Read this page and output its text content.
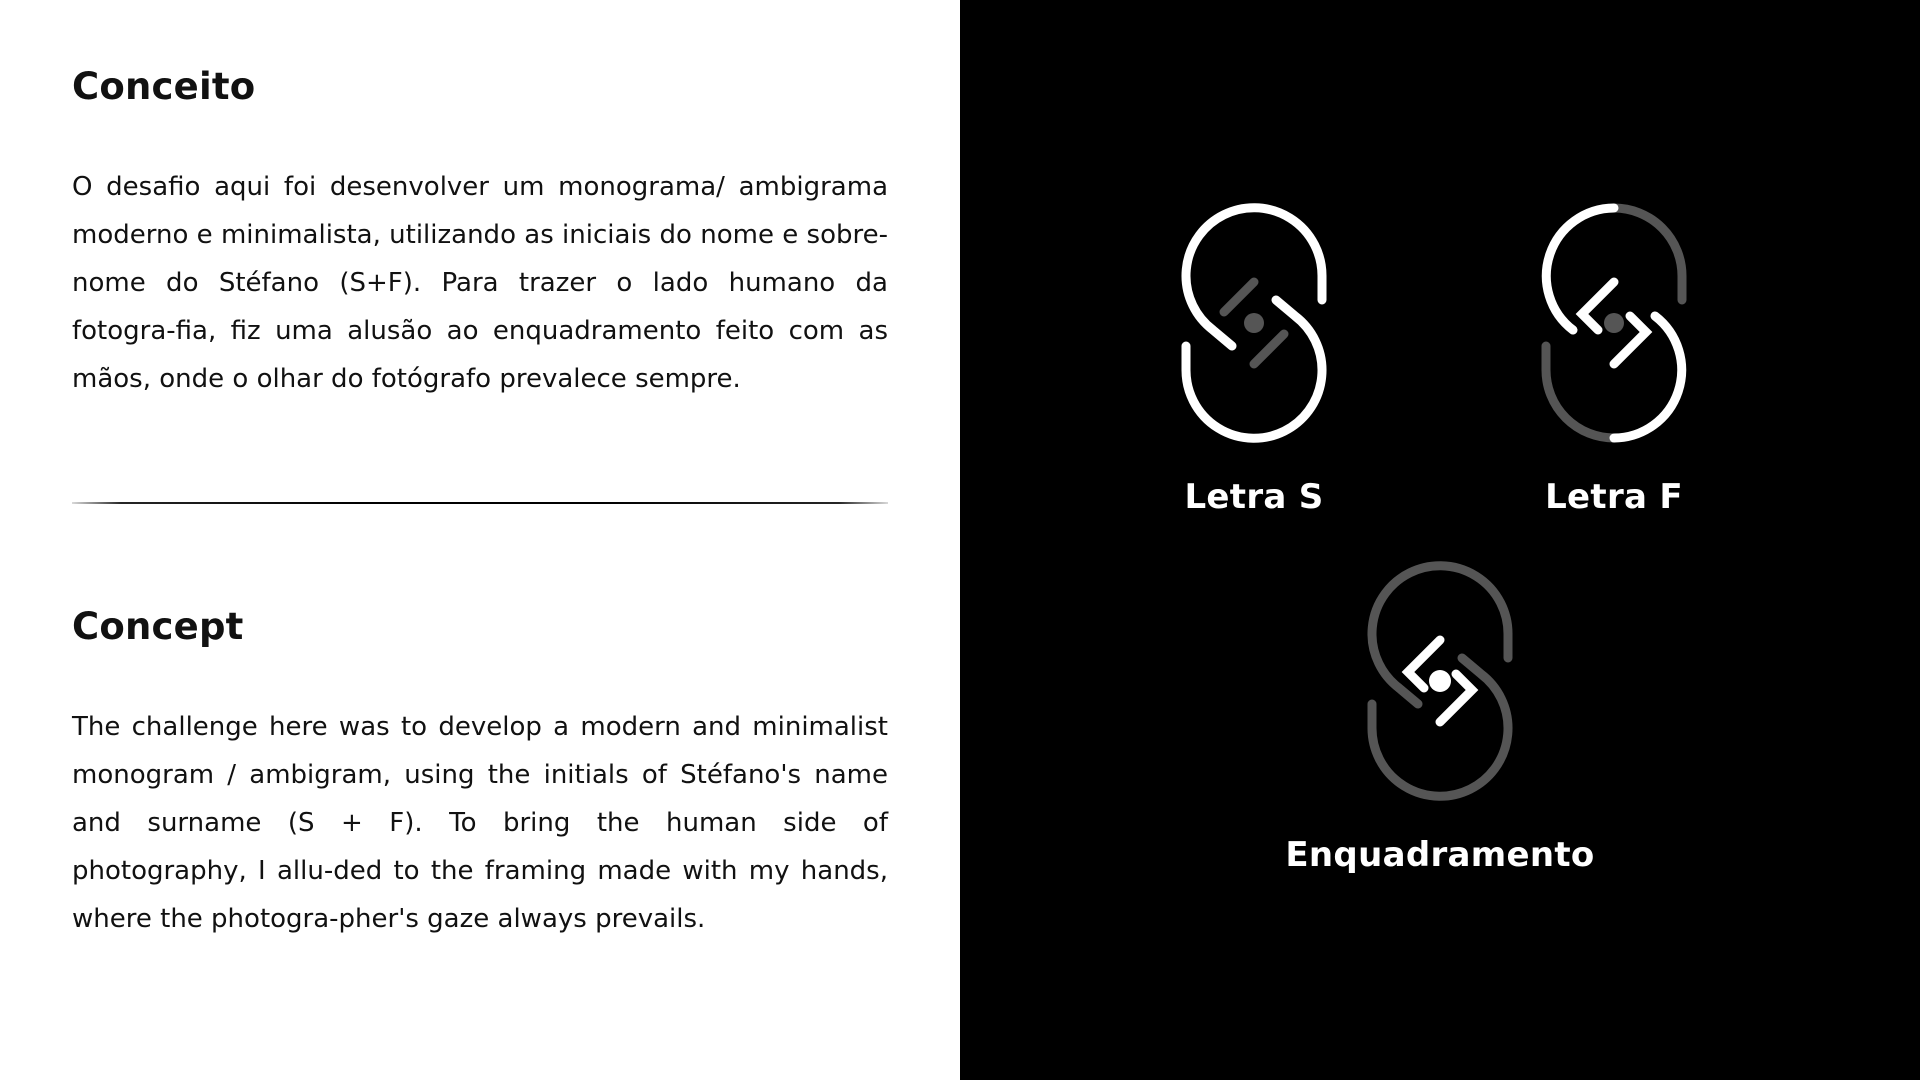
Conceito

O desafio aqui foi desenvolver um monograma/ ambigrama moderno e minimalista, utilizando as iniciais do nome e sobre-nome do Stéfano (S+F). Para trazer o lado humano da fotogra-fia, fiz uma alusão ao enquadramento feito com as mãos, onde o olhar do fotógrafo prevalece sempre.

Concept

The challenge here was to develop a modern and minimalist monogram / ambigram, using the initials of Stéfano's name and surname (S + F). To bring the human side of photography, I allu-ded to the framing made with my hands, where the photogra-pher's gaze always prevails.

Letra S	Letra F

Enquadramento
